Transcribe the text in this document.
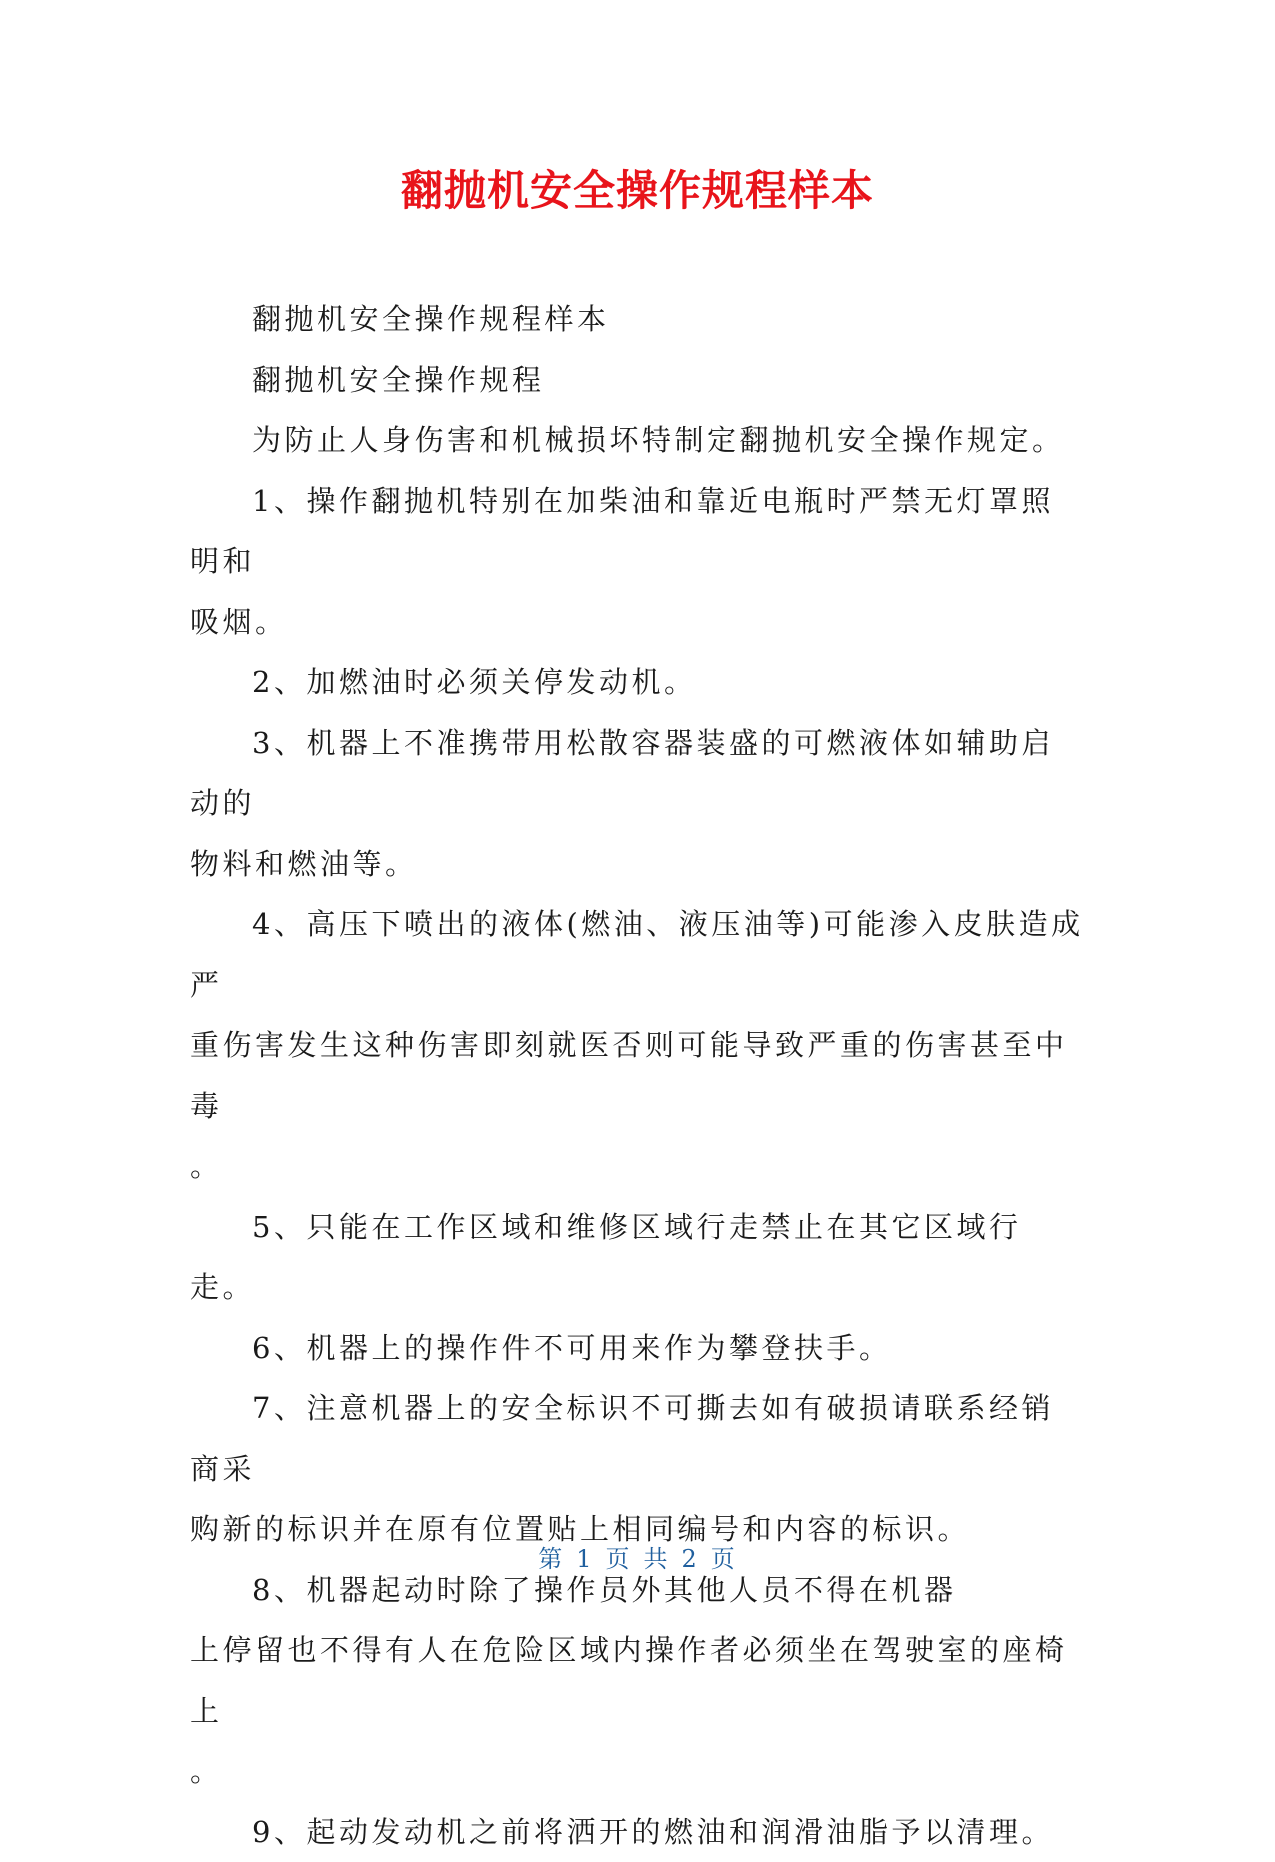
翻抛机安全操作规程样本
翻抛机安全操作规程样本
翻抛机安全操作规程
为防止人身伤害和机械损坏特制定翻抛机安全操作规定。
1、操作翻抛机特别在加柴油和靠近电瓶时严禁无灯罩照明和
吸烟。
2、加燃油时必须关停发动机。
3、机器上不准携带用松散容器装盛的可燃液体如辅助启动的
物料和燃油等。
4、高压下喷出的液体(燃油、液压油等)可能渗入皮肤造成严
重伤害发生这种伤害即刻就医否则可能导致严重的伤害甚至中毒
。
5、只能在工作区域和维修区域行走禁止在其它区域行走。
6、机器上的操作件不可用来作为攀登扶手。
7、注意机器上的安全标识不可撕去如有破损请联系经销商采
购新的标识并在原有位置贴上相同编号和内容的标识。
8、机器起动时除了操作员外其他人员不得在机器
上停留也不得有人在危险区域内操作者必须坐在驾驶室的座椅上
。
9、起动发动机之前将洒开的燃油和润滑油脂予以清理。
第 1 页 共 2 页
